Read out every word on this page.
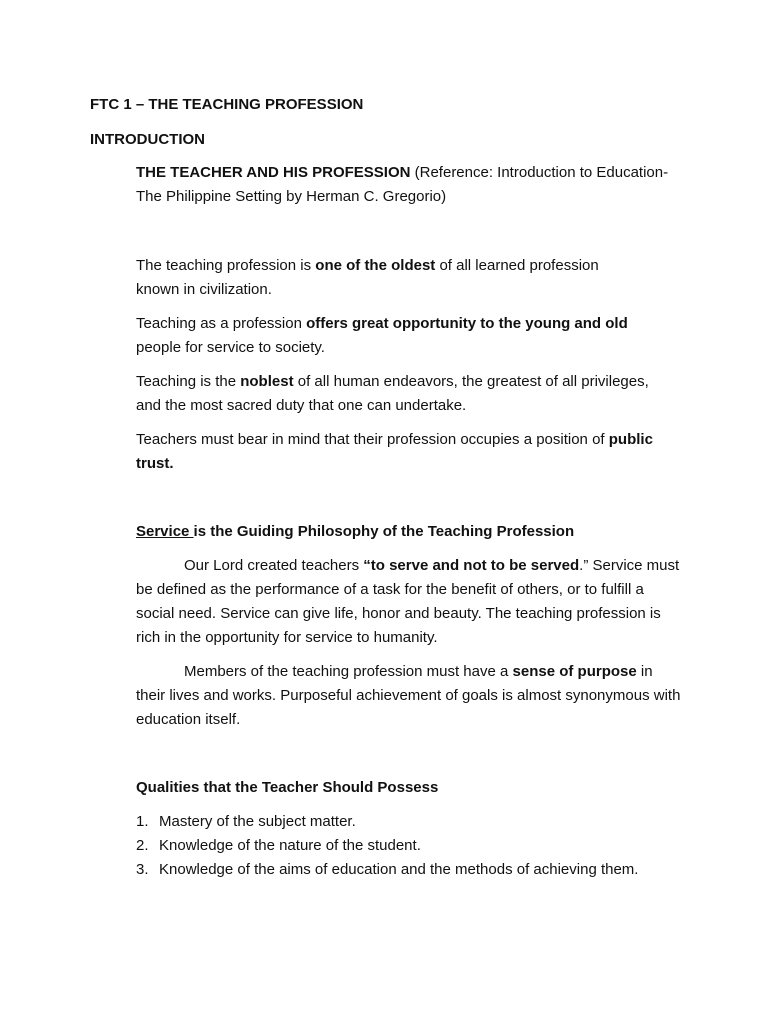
FTC 1 – THE TEACHING PROFESSION
INTRODUCTION

THE TEACHER AND HIS PROFESSION (Reference: Introduction to Education- The Philippine Setting by Herman C. Gregorio)

The teaching profession is one of the oldest of all learned profession known in civilization.

Teaching as a profession offers great opportunity to the young and old people for service to society.

Teaching is the noblest of all human endeavors, the greatest of all privileges, and the most sacred duty that one can undertake.

Teachers must bear in mind that their profession occupies a position of public trust.

Service is the Guiding Philosophy of the Teaching Profession

Our Lord created teachers “to serve and not to be served.” Service must be defined as the performance of a task for the benefit of others, or to fulfill a social need. Service can give life, honor and beauty. The teaching profession is rich in the opportunity for service to humanity.

Members of the teaching profession must have a sense of purpose in their lives and works. Purposeful achievement of goals is almost synonymous with education itself.

Qualities that the Teacher Should Possess
1. Mastery of the subject matter.
2. Knowledge of the nature of the student.
3. Knowledge of the aims of education and the methods of achieving them.
